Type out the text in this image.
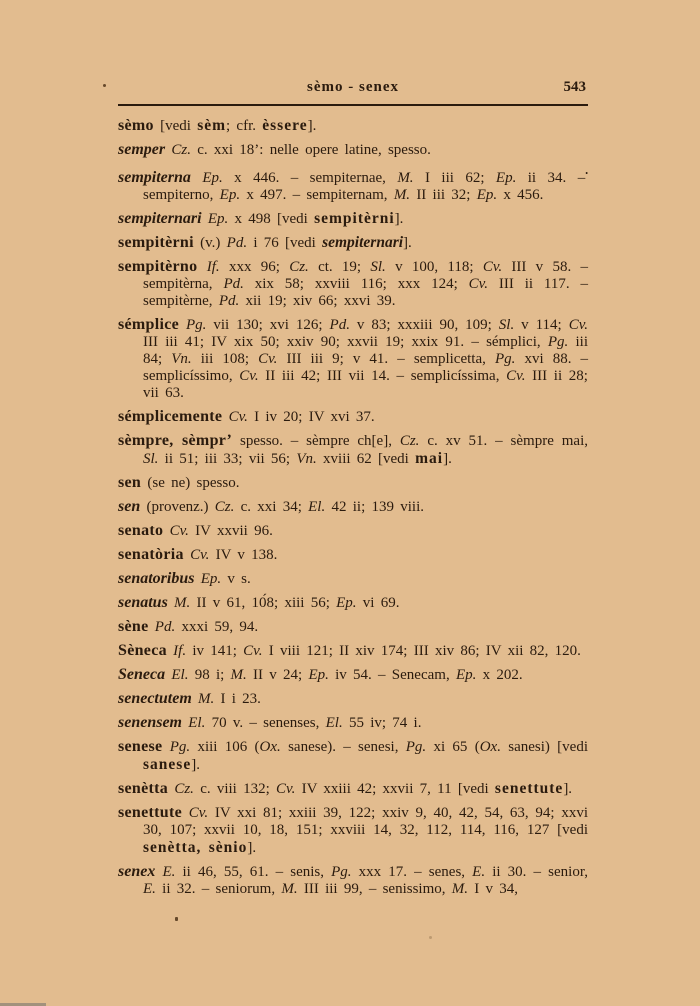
sèmo - senex	543

sèmo [vedi sèm; cfr. èssere].

semper Cz. c. xxi 18’: nelle opere latine, spesso.

sempiterna Ep. x 446. – sempiternae, M. I iii 62; Ep. ii 34. –• sempiterno, Ep. x 497. – sempiternam, M. II iii 32; Ep. x 456.

sempiternari Ep. x 498 [vedi sempitèrni].

sempitèrni (v.) Pd. i 76 [vedi sempiternari].

sempitèrno If. xxx 96; Cz. ct. 19; Sl. v 100, 118; Cv. III v 58. – sempitèrna, Pd. xix 58; xxviii 116; xxx 124; Cv. III ii 117. – sempitèrne, Pd. xii 19; xiv 66; xxvi 39.

sémplice Pg. vii 130; xvi 126; Pd. v 83; xxxiii 90, 109; Sl. v 114; Cv. III iii 41; IV xix 50; xxiv 90; xxvii 19; xxix 91. – sémplici, Pg. iii 84; Vn. iii 108; Cv. III iii 9; v 41. – semplicetta, Pg. xvi 88. – semplicíssimo, Cv. II iii 42; III vii 14. – semplicíssima, Cv. III ii 28; vii 63.

sémplicemente Cv. I iv 20; IV xvi 37.

sèmpre, sèmpr’ spesso. – sèmpre ch[e], Cz. c. xv 51. – sèmpre mai, Sl. ii 51; iii 33; vii 56; Vn. xviii 62 [vedi mai].

sen (se ne) spesso.

sen (provenz.) Cz. c. xxi 34; El. 42 ii; 139 viii.

senato Cv. IV xxvii 96.

senatòria Cv. IV v 138.

senatoribus Ep. v s.

senatus M. II v 61, 10́8; xiii 56; Ep. vi 69.

sène Pd. xxxi 59, 94.

Sèneca If. iv 141; Cv. I viii 121; II xiv 174; III xiv 86; IV xii 82, 120.

Seneca El. 98 i; M. II v 24; Ep. iv 54. – Senecam, Ep. x 202.

senectutem M. I i 23.

senensem El. 70 v. – senenses, El. 55 iv; 74 i.

senese Pg. xiii 106 (Ox. sanese). – senesi, Pg. xi 65 (Ox. sanesi) [vedi sanese].

senètta Cz. c. viii 132; Cv. IV xxiii 42; xxvii 7, 11 [vedi senettute].

senettute Cv. IV xxi 81; xxiii 39, 122; xxiv 9, 40, 42, 54, 63, 94; xxvi 30, 107; xxvii 10, 18, 151; xxviii 14, 32, 112, 114, 116, 127 [vedi senètta, sènio].

senex E. ii 46, 55, 61. – senis, Pg. xxx 17. – senes, E. ii 30. – senior, E. ii 32. – seniorum, M. III iii 99, – senissimo, M. I v 34,
